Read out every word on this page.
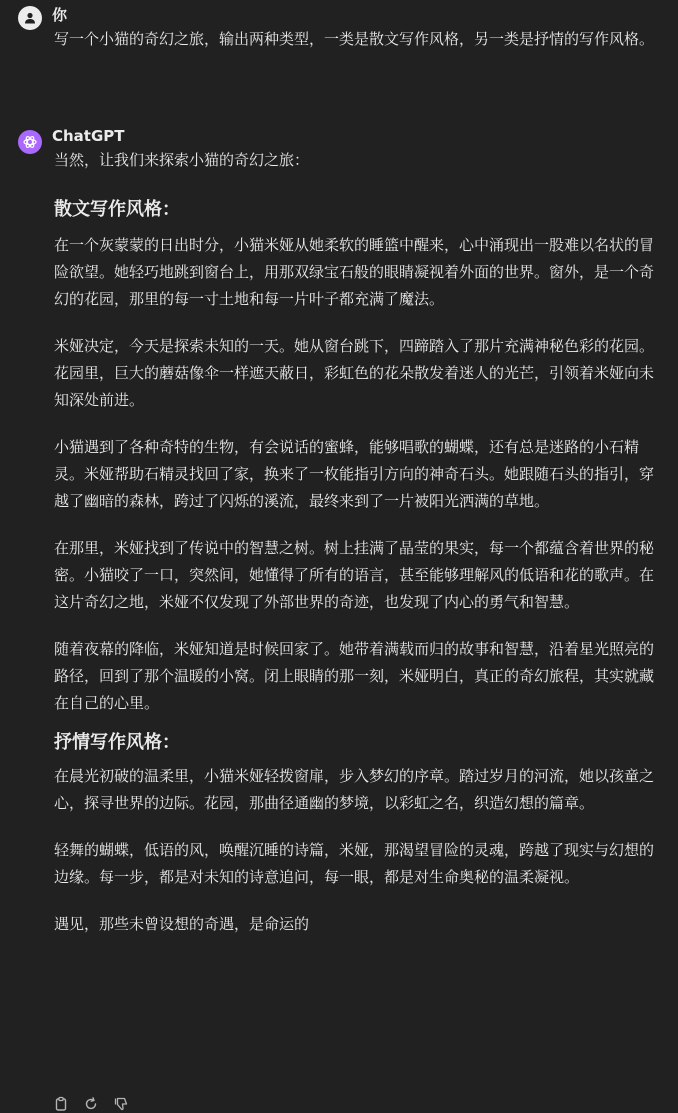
你

写一个小猫的奇幻之旅，输出两种类型，一类是散文写作风格，另一类是抒情的写作风格。

ChatGPT

当然，让我们来探索小猫的奇幻之旅：

散文写作风格：

在一个灰蒙蒙的日出时分，小猫米娅从她柔软的睡篮中醒来，心中涌现出一股难以名状的冒险欲望。她轻巧地跳到窗台上，用那双绿宝石般的眼睛凝视着外面的世界。窗外，是一个奇幻的花园，那里的每一寸土地和每一片叶子都充满了魔法。

米娅决定，今天是探索未知的一天。她从窗台跳下，四蹄踏入了那片充满神秘色彩的花园。花园里，巨大的蘑菇像伞一样遮天蔽日，彩虹色的花朵散发着迷人的光芒，引领着米娅向未知深处前进。

小猫遇到了各种奇特的生物，有会说话的蜜蜂，能够唱歌的蝴蝶，还有总是迷路的小石精灵。米娅帮助石精灵找回了家，换来了一枚能指引方向的神奇石头。她跟随石头的指引，穿越了幽暗的森林，跨过了闪烁的溪流，最终来到了一片被阳光洒满的草地。

在那里，米娅找到了传说中的智慧之树。树上挂满了晶莹的果实，每一个都蕴含着世界的秘密。小猫咬了一口，突然间，她懂得了所有的语言，甚至能够理解风的低语和花的歌声。在这片奇幻之地，米娅不仅发现了外部世界的奇迹，也发现了内心的勇气和智慧。

随着夜幕的降临，米娅知道是时候回家了。她带着满载而归的故事和智慧，沿着星光照亮的路径，回到了那个温暖的小窝。闭上眼睛的那一刻，米娅明白，真正的奇幻旅程，其实就藏在自己的心里。

抒情写作风格：

在晨光初破的温柔里，小猫米娅轻拨窗扉，步入梦幻的序章。踏过岁月的河流，她以孩童之心，探寻世界的边际。花园，那曲径通幽的梦境，以彩虹之名，织造幻想的篇章。

轻舞的蝴蝶，低语的风，唤醒沉睡的诗篇，米娅，那渴望冒险的灵魂，跨越了现实与幻想的边缘。每一步，都是对未知的诗意追问，每一眼，都是对生命奥秘的温柔凝视。

遇见，那些未曾设想的奇遇，是命运的
